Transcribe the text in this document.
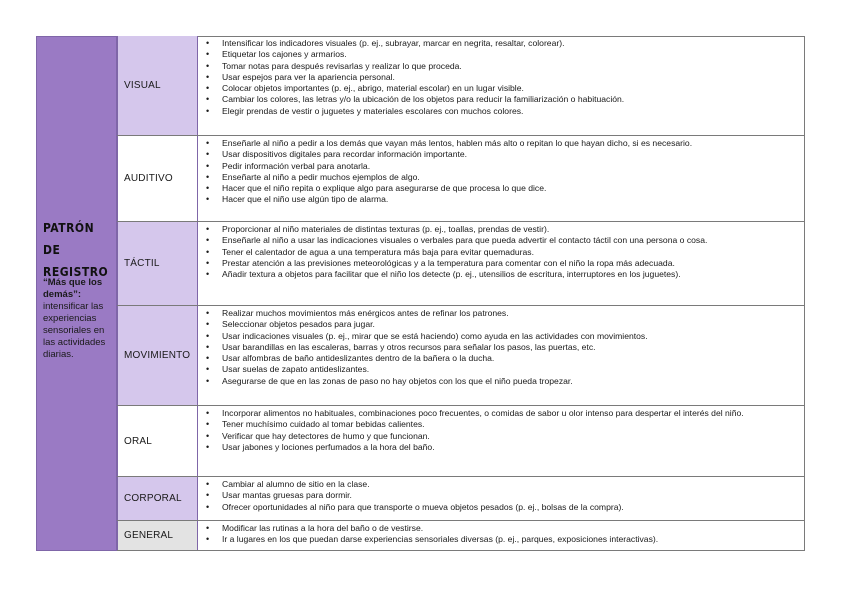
PATRÓN DE
REGISTRO
“Más que los demás”:
intensificar las experiencias sensoriales en las actividades diarias.
VISUAL
• Intensificar los indicadores visuales (p. ej., subrayar, marcar en negrita, resaltar, colorear).
• Etiquetar los cajones y armarios.
• Tomar notas para después revisarlas y realizar lo que proceda.
• Usar espejos para ver la apariencia personal.
• Colocar objetos importantes (p. ej., abrigo, material escolar) en un lugar visible.
• Cambiar los colores, las letras y/o la ubicación de los objetos para reducir la familiarización o habituación.
• Elegir prendas de vestir o juguetes y materiales escolares con muchos colores.
AUDITIVO
• Enseñarle al niño a pedir a los demás que vayan más lentos, hablen más alto o repitan lo que hayan dicho, si es necesario.
• Usar dispositivos digitales para recordar información importante.
• Pedir información verbal para anotarla.
• Enseñarte al niño a pedir muchos ejemplos de algo.
• Hacer que el niño repita o explique algo para asegurarse de que procesa lo que dice.
• Hacer que el niño use algún tipo de alarma.
TÁCTIL
• Proporcionar al niño materiales de distintas texturas (p. ej., toallas, prendas de vestir).
• Enseñarle al niño a usar las indicaciones visuales o verbales para que pueda advertir el contacto táctil con una persona o cosa.
• Tener el calentador de agua a una temperatura más baja para evitar quemaduras.
• Prestar atención a las previsiones meteorológicas y a la temperatura para comentar con el niño la ropa más adecuada.
• Añadir textura a objetos para facilitar que el niño los detecte (p. ej., utensilios de escritura, interruptores en los juguetes).
MOVIMIENTO
• Realizar muchos movimientos más enérgicos antes de refinar los patrones.
• Seleccionar objetos pesados para jugar.
• Usar indicaciones visuales (p. ej., mirar que se está haciendo) como ayuda en las actividades con movimientos.
• Usar barandillas en las escaleras, barras y otros recursos para señalar los pasos, las puertas, etc.
• Usar alfombras de baño antideslizantes dentro de la bañera o la ducha.
• Usar suelas de zapato antideslizantes.
• Asegurarse de que en las zonas de paso no hay objetos con los que el niño pueda tropezar.
ORAL
• Incorporar alimentos no habituales, combinaciones poco frecuentes, o comidas de sabor u olor intenso para despertar el interés del niño.
• Tener muchísimo cuidado al tomar bebidas calientes.
• Verificar que hay detectores de humo y que funcionan.
• Usar jabones y lociones perfumados a la hora del baño.
CORPORAL
• Cambiar al alumno de sitio en la clase.
• Usar mantas gruesas para dormir.
• Ofrecer oportunidades al niño para que transporte o mueva objetos pesados (p. ej., bolsas de la compra).
GENERAL
• Modificar las rutinas a la hora del baño o de vestirse.
• Ir a lugares en los que puedan darse experiencias sensoriales diversas (p. ej., parques, exposiciones interactivas).
